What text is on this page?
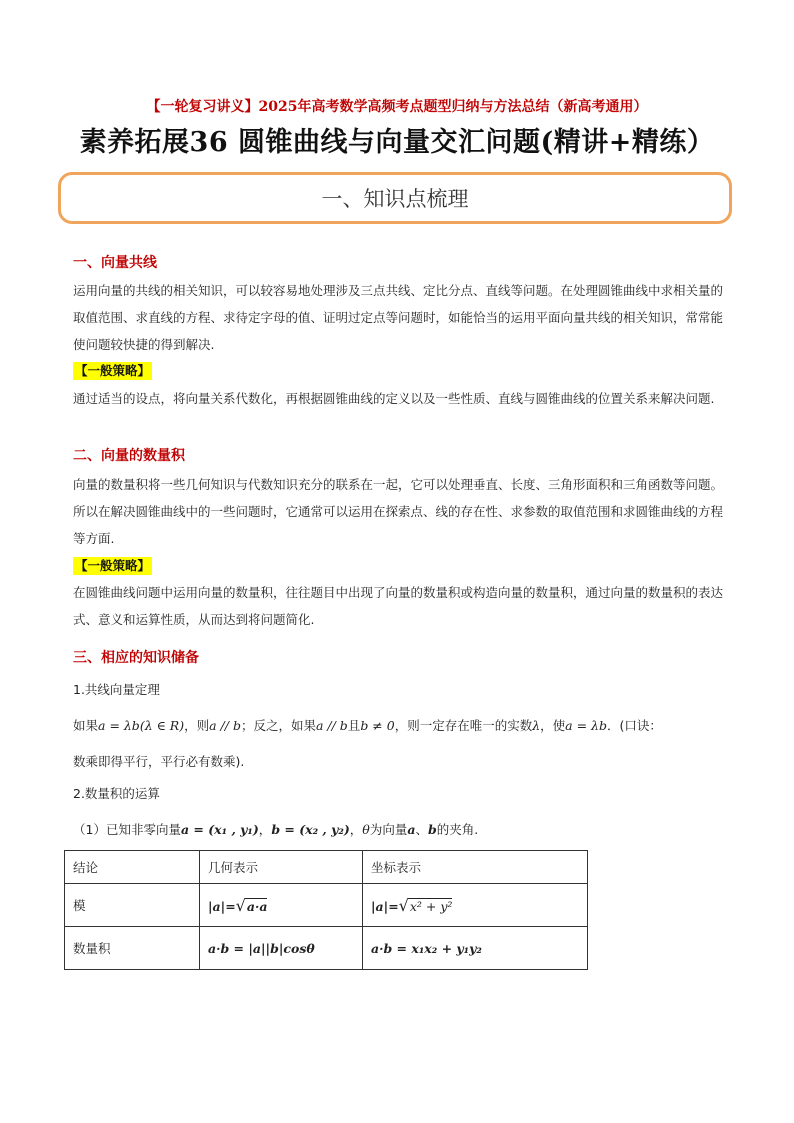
【一轮复习讲义】2025年高考数学高频考点题型归纳与方法总结（新高考通用）
素养拓展36 圆锥曲线与向量交汇问题(精讲+精练）
一、知识点梳理
一、向量共线

运用向量的共线的相关知识，可以较容易地处理涉及三点共线、定比分点、直线等问题。在处理圆锥曲线中求相关量的取值范围、求直线的方程、求待定字母的值、证明过定点等问题时，如能恰当的运用平面向量共线的相关知识，常常能使问题较快捷的得到解决.

【一般策略】

通过适当的设点，将向量关系代数化，再根据圆锥曲线的定义以及一些性质、直线与圆锥曲线的位置关系来解决问题.

二、向量的数量积

向量的数量积将一些几何知识与代数知识充分的联系在一起，它可以处理垂直、长度、三角形面积和三角函数等问题。所以在解决圆锥曲线中的一些问题时，它通常可以运用在探索点、线的存在性、求参数的取值范围和求圆锥曲线的方程等方面.

【一般策略】

在圆锥曲线问题中运用向量的数量积，往往题目中出现了向量的数量积或构造向量的数量积，通过向量的数量积的表达式、意义和运算性质，从而达到将问题简化.

三、相应的知识储备
1.共线向量定理
如果a = λb(λ ∈ R)，则a // b；反之，如果a // b且b ≠ 0，则一定存在唯一的实数λ，使a = λb．(口诀：
数乘即得平行，平行必有数乘).
2.数量积的运算
（1）已知非零向量a = (x₁ , y₁)，b = (x₂ , y₂)，θ为向量a、b的夹角.
结论	几何表示	坐标表示
模	|a|=√a·a	|a|=√x² + y²
数量积	a·b = |a||b|cosθ	a·b = x₁x₂ + y₁y₂
